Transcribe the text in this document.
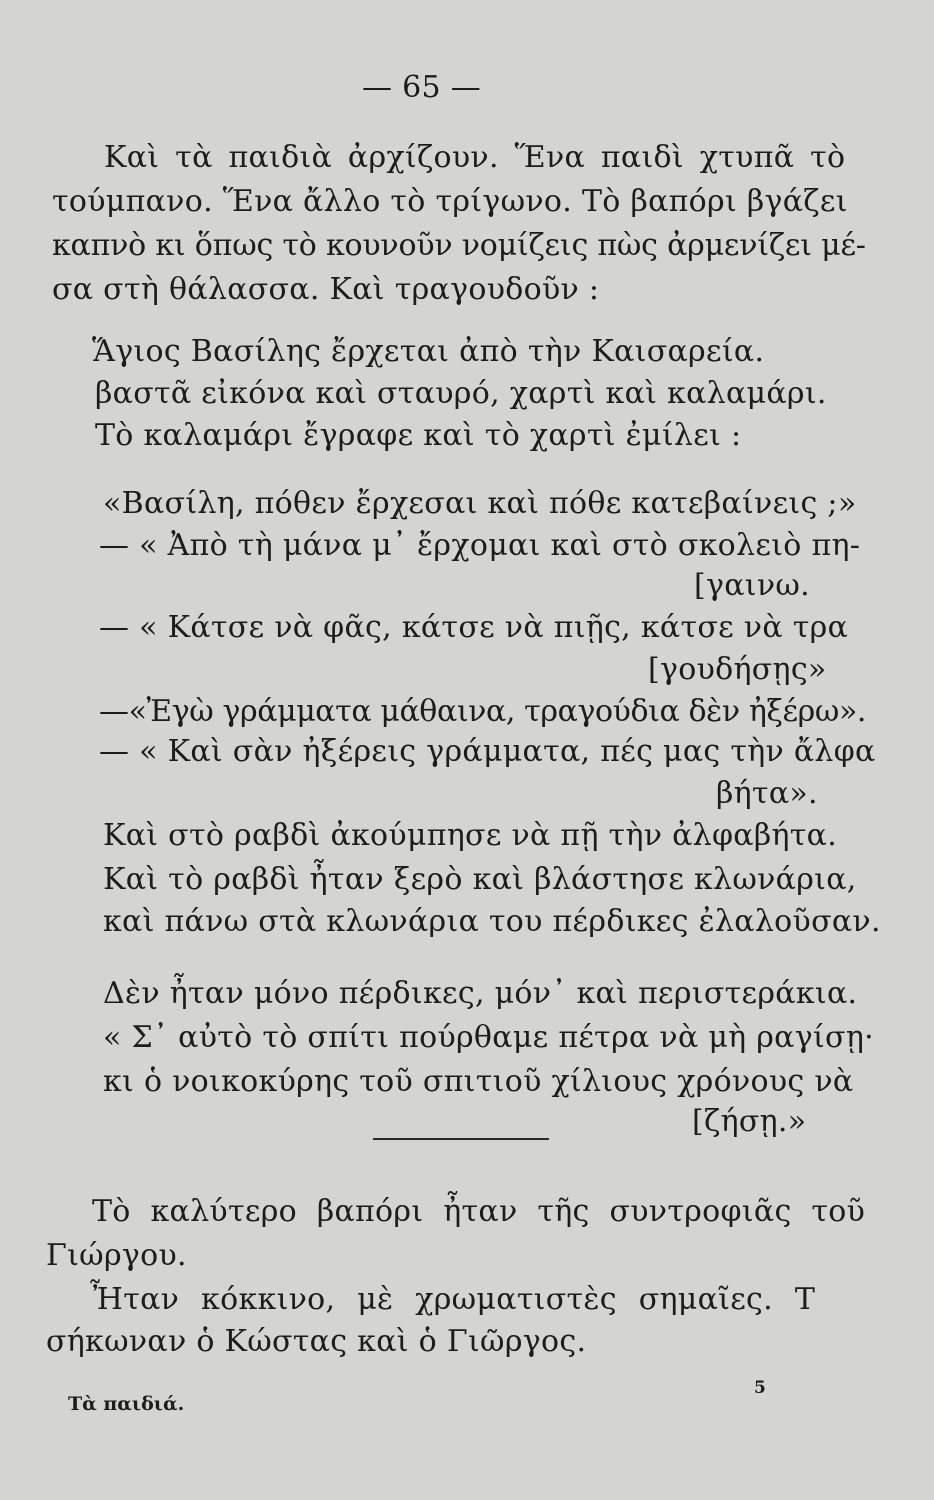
— 65 —
Καὶ τὰ παιδιὰ ἀρχίζουν. Ἕνα παιδὶ χτυπᾶ τὸ
τούμπανο. Ἕνα ἄλλο τὸ τρίγωνο. Τὸ βαπόρι βγάζει
καπνὸ κι ὅπως τὸ κουνοῦν νομίζεις πὼς ἀρμενίζει μέ-
σα στὴ θάλασσα. Καὶ τραγουδοῦν :
Ἅγιος Βασίλης ἔρχεται ἀπὸ τὴν Καισαρεία.
βαστᾶ εἰκόνα καὶ σταυρό, χαρτὶ καὶ καλαμάρι.
Τὸ καλαμάρι ἔγραφε καὶ τὸ χαρτὶ ἐμίλει :
«Βασίλη, πόθεν ἔρχεσαι καὶ πόθε κατεβαίνεις ;»
— « Ἀπὸ τὴ μάνα μ᾽ ἔρχομαι καὶ στὸ σκολειὸ πη-
[γαινω.
— « Κάτσε νὰ φᾶς, κάτσε νὰ πιῇς, κάτσε νὰ τρα
[γουδήσῃς»
—«Ἐγὼ γράμματα μάθαινα, τραγούδια δὲν ἠξέρω».
— « Καὶ σὰν ἠξέρεις γράμματα, πές μας τὴν ἄλφα
βήτα».
Καὶ στὸ ραβδὶ ἀκούμπησε νὰ πῇ τὴν ἀλφαβήτα.
Καὶ τὸ ραβδὶ ἦταν ξερὸ καὶ βλάστησε κλωνάρια,
καὶ πάνω στὰ κλωνάρια του πέρδικες ἐλαλοῦσαν.
Δὲν ἦταν μόνο πέρδικες, μόν᾽ καὶ περιστεράκια.
« Σ᾽ αὐτὸ τὸ σπίτι πούρθαμε πέτρα νὰ μὴ ραγίσῃ·
κι ὁ νοικοκύρης τοῦ σπιτιοῦ χίλιους χρόνους νὰ
[ζήσῃ.»
Τὸ καλύτερο βαπόρι ἦταν τῆς συντροφιᾶς τοῦ
Γιώργου.
Ἦταν κόκκινο, μὲ χρωματιστὲς σημαῖες. Τ
σήκωναν ὁ Κώστας καὶ ὁ Γιῶργος.
Τὰ παιδιά.
5
